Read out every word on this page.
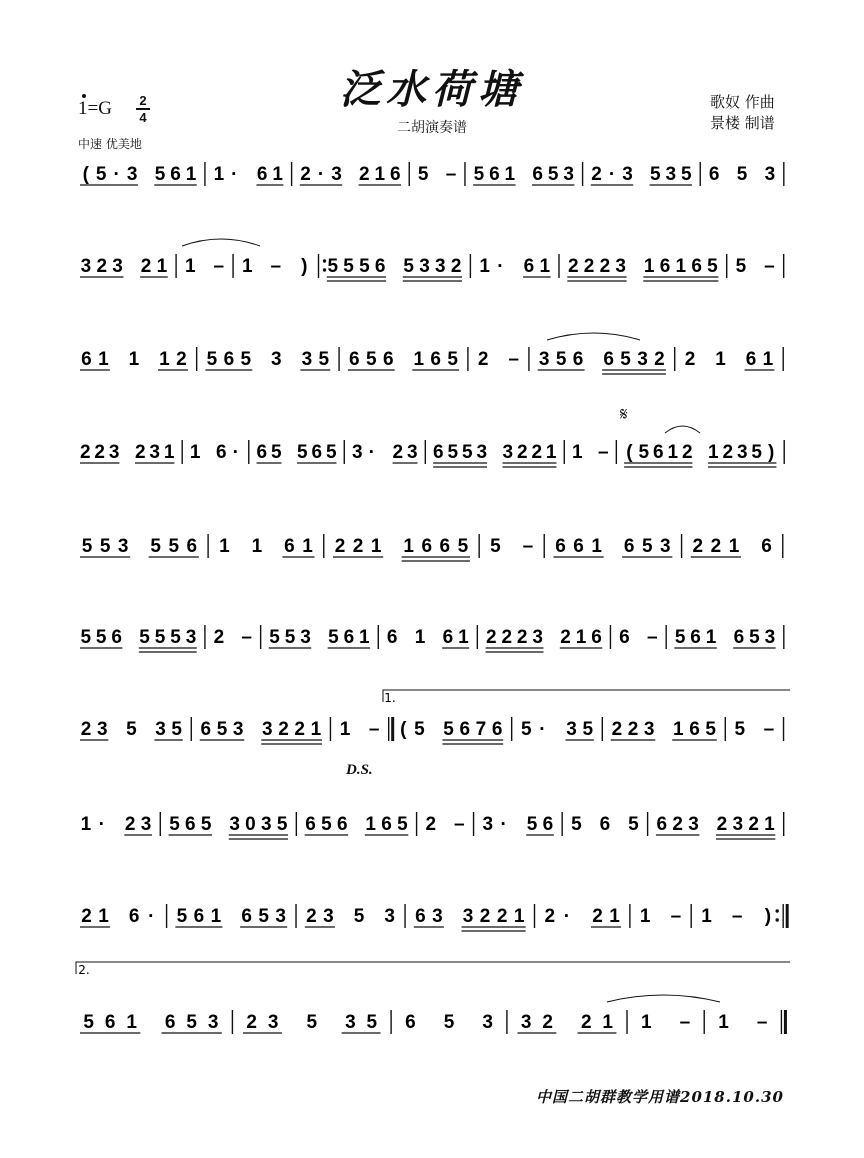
泛水荷塘
二胡演奏谱
1=G 2
4
中速 优美地
歌奴 作曲
景楼 制谱
𝄋
D.S.
中国二胡群教学用谱2018.10.30
( 5 · 3 5 6 1 1 · 6 1 2 · 3 2 1 6 5 – 5 6 1 6 5 3 2 · 3 5 3 5 6 5 3
3 2 3 2 1 1 – 1 – ) 5 5 5 6 5 3 3 2 1 · 6 1 2 2 2 3 1 6 1 6 5 5 –
6 1 1 1 2 5 6 5 3 3 5 6 5 6 1 6 5 2 – 3 5 6 6 5 3 2 2 1 6 1
2 2 3 2 3 1 1 6 · 6 5 5 6 5 3 · 2 3 6 5 5 3 3 2 2 1 1 – ( 5 6 1 2 1 2 3 5 )
5 5 3 5 5 6 1 1 6 1 2 2 1 1 6 6 5 5 – 6 6 1 6 5 3 2 2 1 6
5 5 6 5 5 5 3 2 – 5 5 3 5 6 1 6 1 6 1 2 2 2 3 2 1 6 6 – 5 6 1 6 5 3
2 3 5 3 5 6 5 3 3 2 2 1 1 – ( 5 5 6 7 6 5 · 3 5 2 2 3 1 6 5 5 –
1 · 2 3 5 6 5 3 0 3 5 6 5 6 1 6 5 2 – 3 · 5 6 5 6 5 6 2 3 2 3 2 1
2 1 6 · 5 6 1 6 5 3 2 3 5 3 6 3 3 2 2 1 2 · 2 1 1 – 1 – )
5 6 1 6 5 3 2 3 5 3 5 6 5 3 3 2 2 1 1 – 1 –
1.
2.
